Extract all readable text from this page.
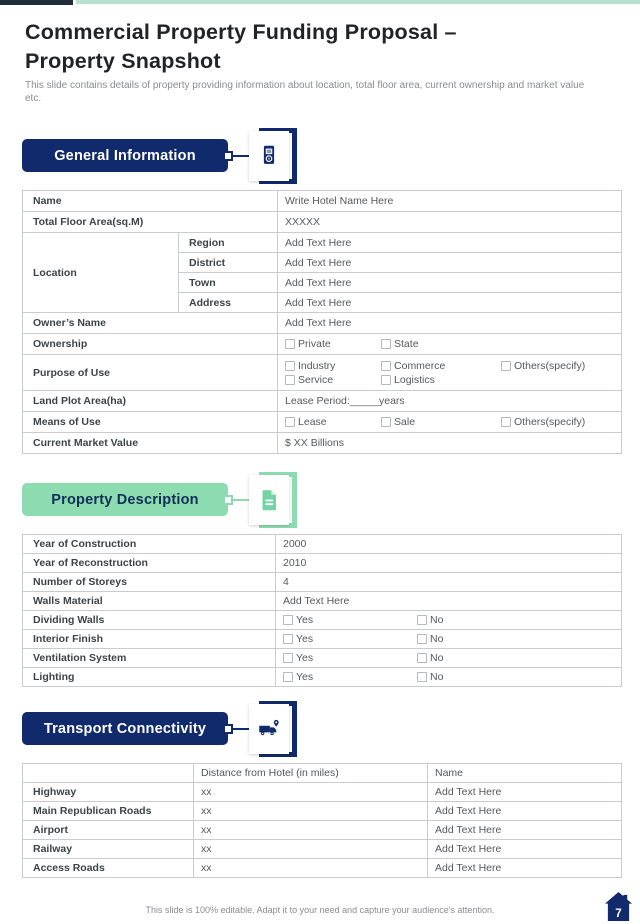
Commercial Property Funding Proposal –
Property Snapshot
This slide contains details of property providing information about location, total floor area, current ownership and market value etc.
General Information
Name		Write Hotel Name Here
Total Floor Area(sq.M)		XXXXX
Location	Region	Add Text Here
	District	Add Text Here
	Town	Add Text Here
	Address	Add Text Here
Owner’s Name		Add Text Here
Ownership		Private State

Purpose of Use		Industry Commerce Others(specify)
Service Logistics

Land Plot Area(ha)		Lease Period:_____years
Means of Use		Lease Sale Others(specify)

Current Market Value		$ XX Billions
Property Description
Year of Construction	2000
Year of Reconstruction	2010
Number of Storeys	4
Walls Material	Add Text Here
Dividing Walls	Yes No

Interior Finish	Yes No

Ventilation System	Yes No

Lighting	Yes No
Transport Connectivity
	Distance from Hotel (in miles)	Name
Highway	xx	Add Text Here
Main Republican Roads	xx	Add Text Here
Airport	xx	Add Text Here
Railway	xx	Add Text Here
Access Roads	xx	Add Text Here
This slide is 100% editable. Adapt it to your need and capture your audience's attention.	7
